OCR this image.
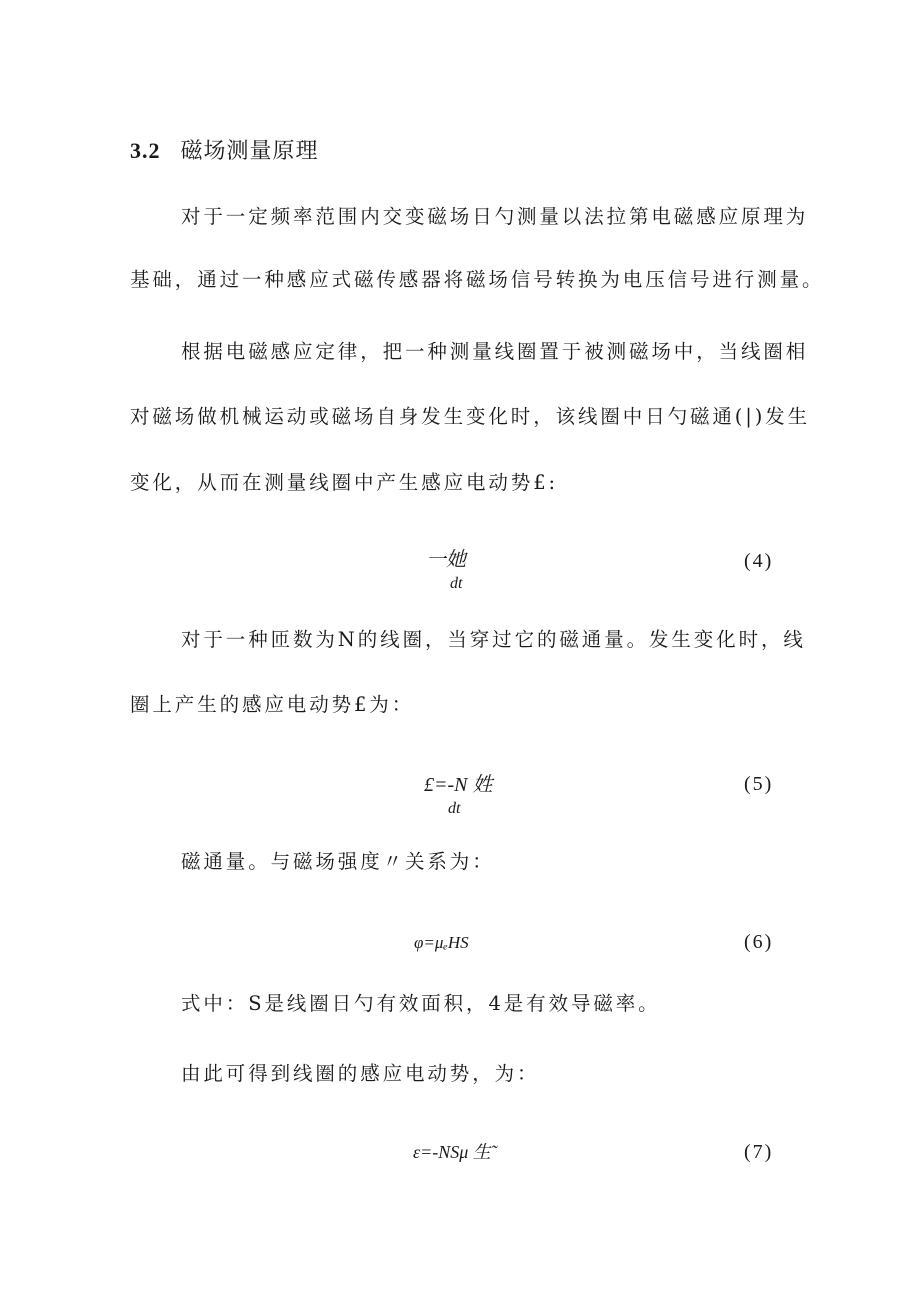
3.2 磁场测量原理
对于一定频率范围内交变磁场日勺测量以法拉第电磁感应原理为
基础，通过一种感应式磁传感器将磁场信号转换为电压信号进行测量。
根据电磁感应定律，把一种测量线圈置于被测磁场中，当线圈相
对磁场做机械运动或磁场自身发生变化时，该线圈中日勺磁通(|)发生
变化，从而在测量线圈中产生感应电动势£:
一她
dt
(4)
对于一种匝数为N的线圈，当穿过它的磁通量。发生变化时，线
圈上产生的感应电动势£为：
£=-N 姓
dt
(5)
磁通量。与磁场强度〃关系为：
φ=μₑHS	(6)
式中：S是线圈日勺有效面积，4是有效导磁率。
由此可得到线圈的感应电动势，为：
ε=-NSμ 生˜	(7)
